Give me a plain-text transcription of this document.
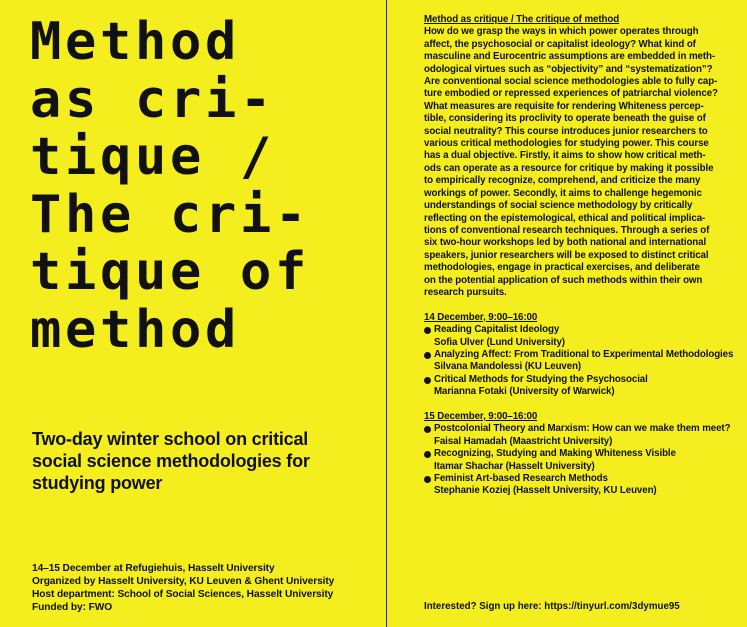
Method
as cri-
tique /
The cri-
tique of
method
Two-day winter school on critical
social science methodologies for
studying power
14–15 December at Refugiehuis, Hasselt University
Organized by Hasselt University, KU Leuven & Ghent University
Host department: School of Social Sciences, Hasselt University
Funded by: FWO
Method as critique / The critique of method
How do we grasp the ways in which power operates through
affect, the psychosocial or capitalist ideology? What kind of
masculine and Eurocentric assumptions are embedded in meth-
odological virtues such as “objectivity” and “systematization”?
Are conventional social science methodologies able to fully cap-
ture embodied or repressed experiences of patriarchal violence?
What measures are requisite for rendering Whiteness percep-
tible, considering its proclivity to operate beneath the guise of
social neutrality? This course introduces junior researchers to
various critical methodologies for studying power. This course
has a dual objective. Firstly, it aims to show how critical meth-
ods can operate as a resource for critique by making it possible
to empirically recognize, comprehend, and criticize the many
workings of power. Secondly, it aims to challenge hegemonic
understandings of social science methodology by critically
reflecting on the epistemological, ethical and political implica-
tions of conventional research techniques. Through a series of
six two-hour workshops led by both national and international
speakers, junior researchers will be exposed to distinct critical
methodologies, engage in practical exercises, and deliberate
on the potential application of such methods within their own
research pursuits.
14 December, 9:00–16:00
Reading Capitalist Ideology
Sofia Ulver (Lund University)
Analyzing Affect: From Traditional to Experimental Methodologies
Silvana Mandolessi (KU Leuven)
Critical Methods for Studying the Psychosocial
Marianna Fotaki (University of Warwick)
15 December, 9:00–16:00
Postcolonial Theory and Marxism: How can we make them meet?
Faisal Hamadah (Maastricht University)
Recognizing, Studying and Making Whiteness Visible
Itamar Shachar (Hasselt University)
Feminist Art-based Research Methods
Stephanie Koziej (Hasselt University, KU Leuven)
Interested? Sign up here: https://tinyurl.com/3dymue95
